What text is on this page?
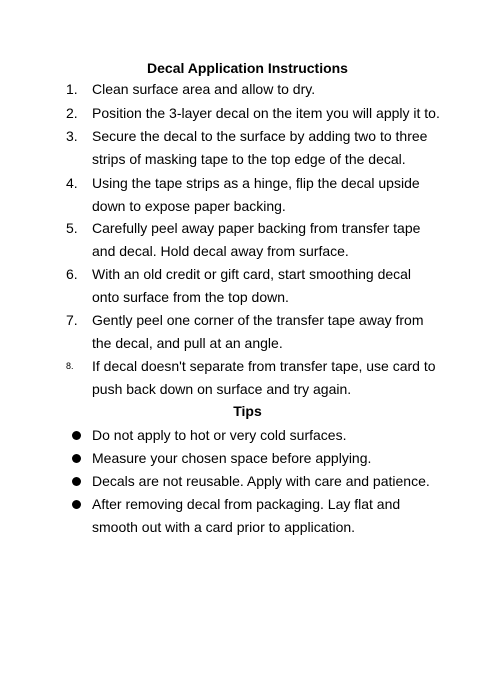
Decal Application Instructions
1.	Clean surface area and allow to dry.
2.	Position the 3-layer decal on the item you will apply it to.
3.	Secure the decal to the surface by adding two to three
strips of masking tape to the top edge of the decal.
4.	Using the tape strips as a hinge, flip the decal upside
down to expose paper backing.
5.	Carefully peel away paper backing from transfer tape
and decal. Hold decal away from surface.
6.	With an old credit or gift card, start smoothing decal
onto surface from the top down.
7.	Gently peel one corner of the transfer tape away from
the decal, and pull at an angle.
8.	If decal doesn't separate from transfer tape, use card to
push back down on surface and try again.
Tips
Do not apply to hot or very cold surfaces.
Measure your chosen space before applying.
Decals are not reusable. Apply with care and patience.
After removing decal from packaging. Lay flat and
smooth out with a card prior to application.
